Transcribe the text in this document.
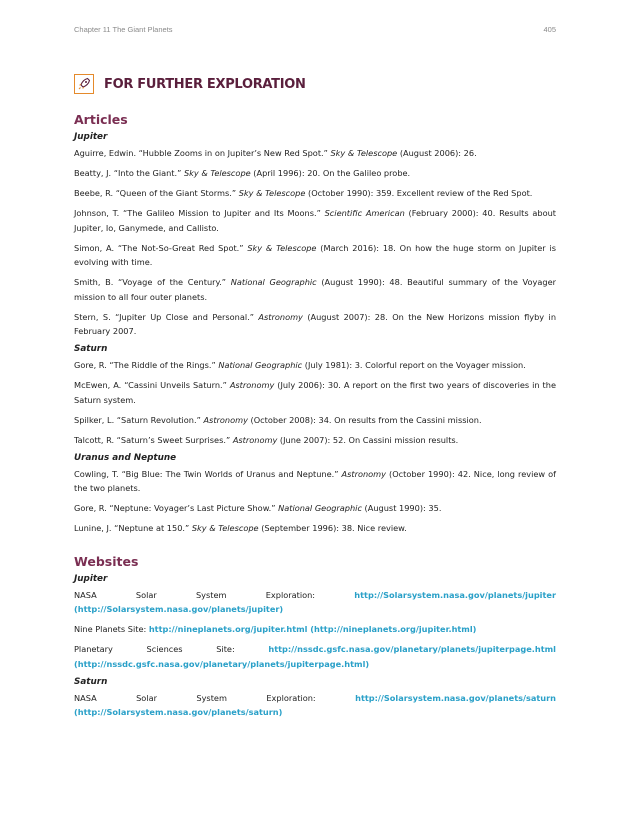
Chapter 11 The Giant Planets	405
FOR FURTHER EXPLORATION
Articles
Jupiter

Aguirre, Edwin. “Hubble Zooms in on Jupiter’s New Red Spot.” Sky & Telescope (August 2006): 26.

Beatty, J. “Into the Giant.” Sky & Telescope (April 1996): 20. On the Galileo probe.

Beebe, R. “Queen of the Giant Storms.” Sky & Telescope (October 1990): 359. Excellent review of the Red Spot.

Johnson, T. “The Galileo Mission to Jupiter and Its Moons.” Scientific American (February 2000): 40. Results about Jupiter, Io, Ganymede, and Callisto.

Simon, A. “The Not-So-Great Red Spot.” Sky & Telescope (March 2016): 18. On how the huge storm on Jupiter is evolving with time.

Smith, B. “Voyage of the Century.” National Geographic (August 1990): 48. Beautiful summary of the Voyager mission to all four outer planets.

Stern, S. “Jupiter Up Close and Personal.” Astronomy (August 2007): 28. On the New Horizons mission flyby in February 2007.

Saturn

Gore, R. “The Riddle of the Rings.” National Geographic (July 1981): 3. Colorful report on the Voyager mission.

McEwen, A. “Cassini Unveils Saturn.” Astronomy (July 2006): 30. A report on the first two years of discoveries in the Saturn system.

Spilker, L. “Saturn Revolution.” Astronomy (October 2008): 34. On results from the Cassini mission.

Talcott, R. “Saturn’s Sweet Surprises.” Astronomy (June 2007): 52. On Cassini mission results.

Uranus and Neptune

Cowling, T. “Big Blue: The Twin Worlds of Uranus and Neptune.” Astronomy (October 1990): 42. Nice, long review of the two planets.

Gore, R. “Neptune: Voyager’s Last Picture Show.” National Geographic (August 1990): 35.

Lunine, J. “Neptune at 150.” Sky & Telescope (September 1996): 38. Nice review.

Websites
Jupiter

NASA Solar System Exploration: http://Solarsystem.nasa.gov/planets/jupiter (http://Solarsystem.nasa.gov/planets/jupiter)

Nine Planets Site: http://nineplanets.org/jupiter.html (http://nineplanets.org/jupiter.html)

Planetary Sciences Site: http://nssdc.gsfc.nasa.gov/planetary/planets/jupiterpage.html (http://nssdc.gsfc.nasa.gov/planetary/planets/jupiterpage.html)

Saturn

NASA Solar System Exploration: http://Solarsystem.nasa.gov/planets/saturn (http://Solarsystem.nasa.gov/planets/saturn)
